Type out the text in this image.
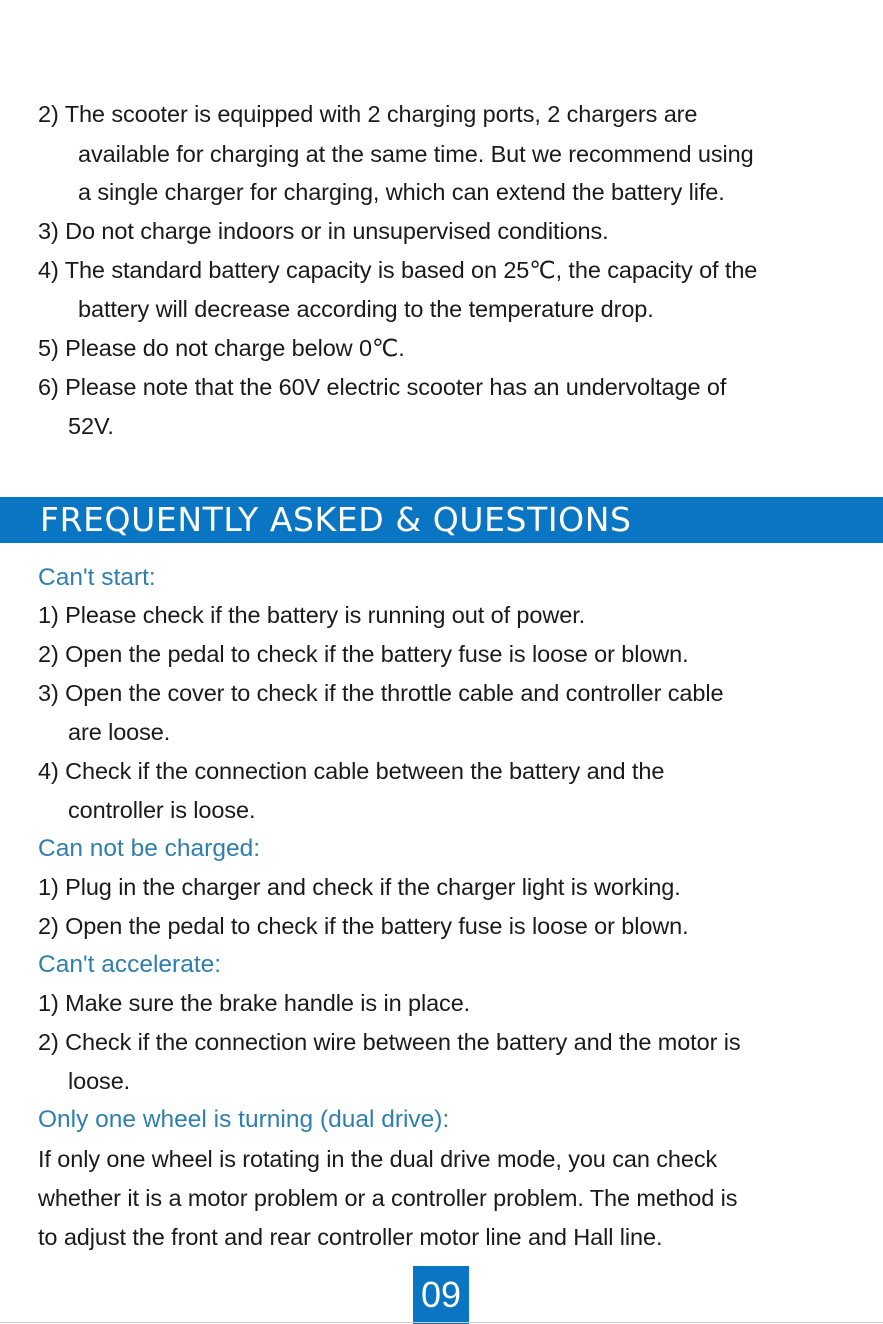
2) The scooter is equipped with 2 charging ports, 2 chargers are
available for charging at the same time. But we recommend using
a single charger for charging, which can extend the battery life.
3) Do not charge indoors or in unsupervised conditions.
4) The standard battery capacity is based on 25℃, the capacity of the
battery will decrease according to the temperature drop.
5) Please do not charge below 0℃.
6) Please note that the 60V electric scooter has an undervoltage of
52V.
FREQUENTLY ASKED & QUESTIONS
Can't start:
1) Please check if the battery is running out of power.
2) Open the pedal to check if the battery fuse is loose or blown.
3) Open the cover to check if the throttle cable and controller cable
are loose.
4) Check if the connection cable between the battery and the
controller is loose.
Can not be charged:
1) Plug in the charger and check if the charger light is working.
2) Open the pedal to check if the battery fuse is loose or blown.
Can't accelerate:
1) Make sure the brake handle is in place.
2) Check if the connection wire between the battery and the motor is
loose.
Only one wheel is turning (dual drive):
If only one wheel is rotating in the dual drive mode, you can check
whether it is a motor problem or a controller problem. The method is
to adjust the front and rear controller motor line and Hall line.
09
